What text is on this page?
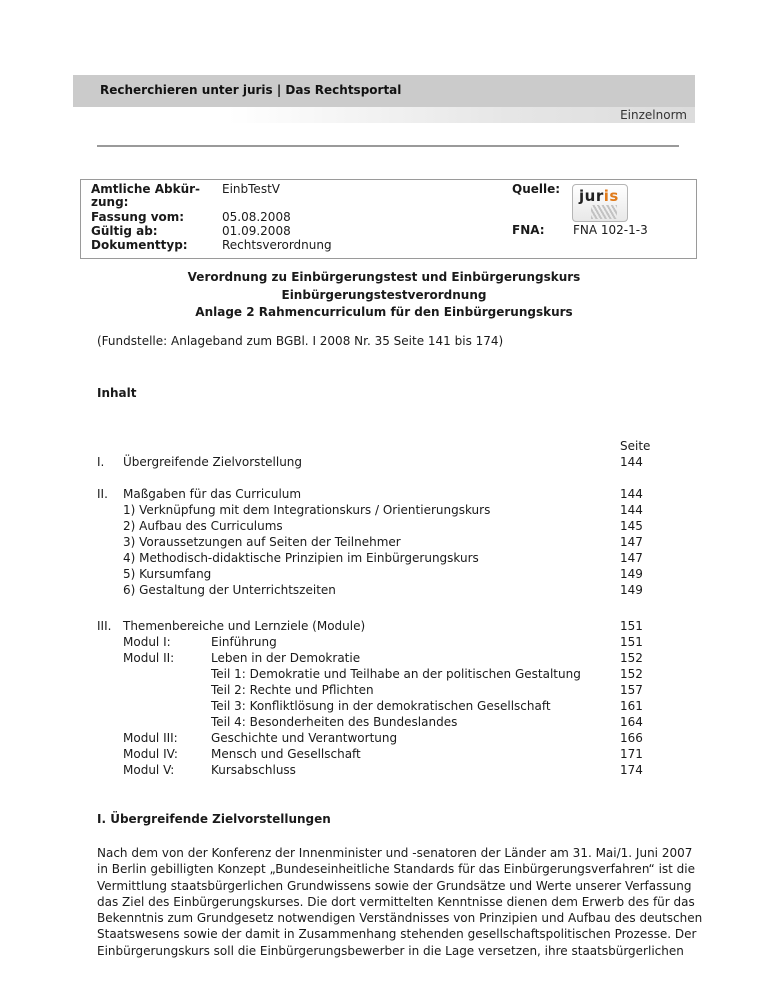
Recherchieren unter juris | Das Rechtsportal
Einzelnorm
Amtliche Abkür-
zung:
EinbTestV
Fassung vom:	05.08.2008
Gültig ab:	01.09.2008
Dokumenttyp:	Rechtsverordnung
Quelle: juris
FNA: FNA 102-1-3
Verordnung zu Einbürgerungstest und Einbürgerungskurs
Einbürgerungstestverordnung
Anlage 2 Rahmencurriculum für den Einbürgerungskurs
(Fundstelle: Anlageband zum BGBl. I 2008 Nr. 35 Seite 141 bis 174)
Inhalt
Seite
I. Übergreifende Zielvorstellung	144
II. Maßgaben für das Curriculum	144
1) Verknüpfung mit dem Integrationskurs / Orientierungskurs	144
2) Aufbau des Curriculums	145
3) Voraussetzungen auf Seiten der Teilnehmer	147
4) Methodisch-didaktische Prinzipien im Einbürgerungskurs	147
5) Kursumfang	149
6) Gestaltung der Unterrichtszeiten	149
III. Themenbereiche und Lernziele (Module)	151
Modul I:	Einführung	151
Modul II:	Leben in der Demokratie	152
Teil 1: Demokratie und Teilhabe an der politischen Gestaltung	152
Teil 2: Rechte und Pflichten	157
Teil 3: Konfliktlösung in der demokratischen Gesellschaft	161
Teil 4: Besonderheiten des Bundeslandes	164
Modul III:	Geschichte und Verantwortung	166
Modul IV:	Mensch und Gesellschaft	171
Modul V:	Kursabschluss	174
I. Übergreifende Zielvorstellungen
Nach dem von der Konferenz der Innenminister und -senatoren der Länder am 31. Mai/1. Juni 2007
in Berlin gebilligten Konzept „Bundeseinheitliche Standards für das Einbürgerungsverfahren“ ist die
Vermittlung staatsbürgerlichen Grundwissens sowie der Grundsätze und Werte unserer Verfassung
das Ziel des Einbürgerungskurses. Die dort vermittelten Kenntnisse dienen dem Erwerb des für das
Bekenntnis zum Grundgesetz notwendigen Verständnisses von Prinzipien und Aufbau des deutschen
Staatswesens sowie der damit in Zusammenhang stehenden gesellschaftspolitischen Prozesse. Der
Einbürgerungskurs soll die Einbürgerungsbewerber in die Lage versetzen, ihre staatsbürgerlichen
